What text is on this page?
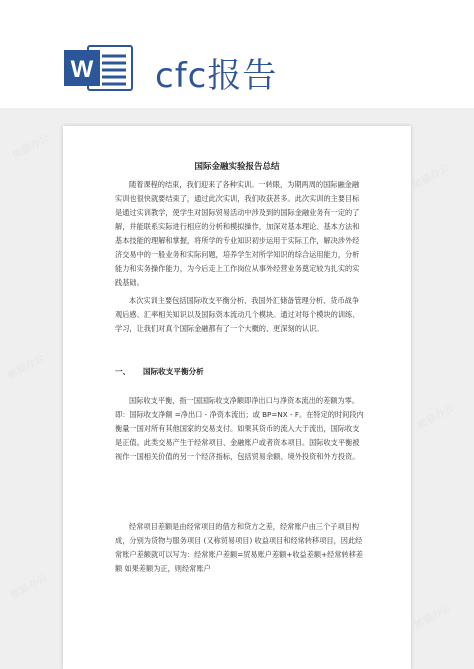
W cfc报告
熊猫办公
熊猫办公
熊猫办公
熊猫办公
熊猫办公
熊猫办公
国际金融实验报告总结

随着课程的结束，我们迎来了各种实训。一转眼，为期两周的国际融金融实训也很快就要结束了，通过此次实训，我们收获甚多。此次实训的主要目标是通过实训教学，使学生对国际贸易活动中涉及到的国际金融业务有一定的了解，并能联系实际进行相应的分析和模拟操作，加深对基本理论、基本方法和基本技能的理解和掌握，将所学的专业知识初步运用于实际工作，解决涉外经济交易中的一般业务和实际问题，培养学生对所学知识的综合运用能力，分析能力和实务操作能力，为今后走上工作岗位从事外经营业务奠定较为扎实的实践基础。

本次实训主要包括国际收支平衡分析、我国外汇储备管理分析、货币战争观后感、汇率相关知识以及国际资本流动几个模块。通过对每个模块的训练、学习，让我们对真个国际金融都有了一个大概的、更深刻的认识。

一、 国际收支平衡分析

国际收支平衡，指一国国际收支净额即净出口与净资本流出的差额为零。即：国际收支净额 =净出口 - 净资本流出；或 BP=NX - F。在特定的时间段内衡量一国对所有其他国家的交易支付。如果其货币的流入大于流出，国际收支是正值。此类交易产生于经常项目、金融账户或者资本项目。国际收支平衡被视作一国相关价值的另一个经济指标，包括贸易余额、境外投资和外方投资。

经常项目差额是由经常项目的借方和贷方之差，经常账户由三个子项目构成，分别为货物与服务项目 (又称贸易项目) 收益项目和经常转移项目，因此经常账户差额就可以写为：经常账户差额=贸易账户差额+收益差额+经常转移差额 如果差额为正，则经常账户
